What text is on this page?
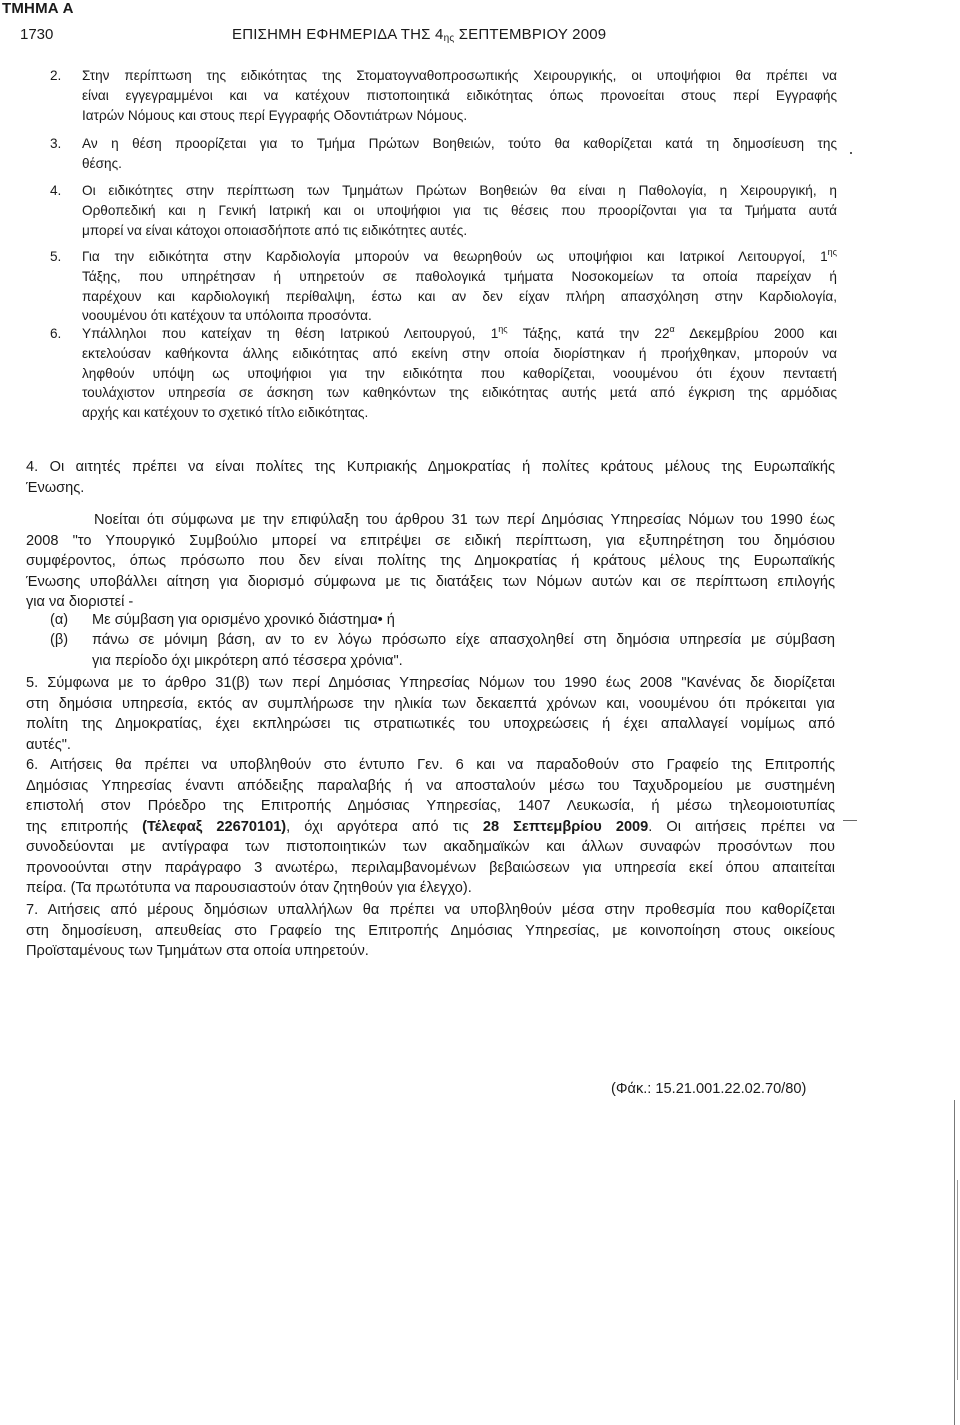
ΤΜΗΜΑ Α
1730	ΕΠΙΣΗΜΗ ΕΦΗΜΕΡΙΔΑ ΤΗΣ $4_{\eta\varsigma}$ ΣΕΠΤΕΜΒΡΙΟΥ 2009
2. Στην περίπτωση της ειδικότητας της Στοματογναθοπροσωπικής Χειρουργικής, οι υποψήφιοι θα πρέπει να
είναι εγγεγραμμένοι και να κατέχουν πιστοποιητικά ειδικότητας όπως προνοείται στους περί Εγγραφής
Ιατρών Νόμους και στους περί Εγγραφής Οδοντιάτρων Νόμους.
3. Αν η θέση προορίζεται για το Τμήμα Πρώτων Βοηθειών, τούτο θα καθορίζεται κατά τη δημοσίευση της
θέσης.
4. Οι ειδικότητες στην περίπτωση των Τμημάτων Πρώτων Βοηθειών θα είναι η Παθολογία, η Χειρουργική, η
Ορθοπεδική και η Γενική Ιατρική και οι υποψήφιοι για τις θέσεις που προορίζονται για τα Τμήματα αυτά
μπορεί να είναι κάτοχοι οποιασδήποτε από τις ειδικότητες αυτές.
5. Για την ειδικότητα στην Καρδιολογία μπορούν να θεωρηθούν ως υποψήφιοι και Ιατρικοί Λειτουργοί, $1^{\eta\varsigma}$
Τάξης, που υπηρέτησαν ή υπηρετούν σε παθολογικά τμήματα Νοσοκομείων τα οποία παρείχαν ή
παρέχουν και καρδιολογική περίθαλψη, έστω και αν δεν είχαν πλήρη απασχόληση στην Καρδιολογία,
νοουμένου ότι κατέχουν τα υπόλοιπα προσόντα.
6. Υπάλληλοι που κατείχαν τη θέση Ιατρικού Λειτουργού, $1^{\eta\varsigma}$ Τάξης, κατά την $22^\alpha$ Δεκεμβρίου 2000 και
εκτελούσαν καθήκοντα άλλης ειδικότητας από εκείνη στην οποία διορίστηκαν ή προήχθηκαν, μπορούν να
ληφθούν υπόψη ως υποψήφιοι για την ειδικότητα που καθορίζεται, νοουμένου ότι έχουν πενταετή
τουλάχιστον υπηρεσία σε άσκηση των καθηκόντων της ειδικότητας αυτής μετά από έγκριση της αρμόδιας
αρχής και κατέχουν το σχετικό τίτλο ειδικότητας.
4. Οι αιτητές πρέπει να είναι πολίτες της Κυπριακής Δημοκρατίας ή πολίτες κράτους μέλους της Ευρωπαϊκής
Ένωσης.
Νοείται ότι σύμφωνα με την επιφύλαξη του άρθρου 31 των περί Δημόσιας Υπηρεσίας Νόμων του 1990 έως
2008 "το Υπουργικό Συμβούλιο μπορεί να επιτρέψει σε ειδική περίπτωση, για εξυπηρέτηση του δημόσιου
συμφέροντος, όπως πρόσωπο που δεν είναι πολίτης της Δημοκρατίας ή κράτους μέλους της Ευρωπαϊκής
Ένωσης υποβάλλει αίτηση για διορισμό σύμφωνα με τις διατάξεις των Νόμων αυτών και σε περίπτωση επιλογής
για να διοριστεί -
(α) Με σύμβαση για ορισμένο χρονικό διάστημα• ή
(β) πάνω σε μόνιμη βάση, αν το εν λόγω πρόσωπο είχε απασχοληθεί στη δημόσια υπηρεσία με σύμβαση
για περίοδο όχι μικρότερη από τέσσερα χρόνια".
5. Σύμφωνα με το άρθρο 31(β) των περί Δημόσιας Υπηρεσίας Νόμων του 1990 έως 2008 "Κανένας δε διορίζεται
στη δημόσια υπηρεσία, εκτός αν συμπλήρωσε την ηλικία των δεκαεπτά χρόνων και, νοουμένου ότι πρόκειται για
πολίτη της Δημοκρατίας, έχει εκπληρώσει τις στρατιωτικές του υποχρεώσεις ή έχει απαλλαγεί νομίμως από
αυτές".
6. Αιτήσεις θα πρέπει να υποβληθούν στο έντυπο Γεν. 6 και να παραδοθούν στο Γραφείο της Επιτροπής
Δημόσιας Υπηρεσίας έναντι απόδειξης παραλαβής ή να αποσταλούν μέσω του Ταχυδρομείου με συστημένη
επιστολή στον Πρόεδρο της Επιτροπής Δημόσιας Υπηρεσίας, 1407 Λευκωσία, ή μέσω τηλεομοιοτυπίας
της επιτροπής (Τέλεφαξ 22670101), όχι αργότερα από τις 28 Σεπτεμβρίου 2009. Οι αιτήσεις πρέπει να
συνοδεύονται με αντίγραφα των πιστοποιητικών των ακαδημαϊκών και άλλων συναφών προσόντων που
προνοούνται στην παράγραφο 3 ανωτέρω, περιλαμβανομένων βεβαιώσεων για υπηρεσία εκεί όπου απαιτείται
πείρα. (Τα πρωτότυπα να παρουσιαστούν όταν ζητηθούν για έλεγχο).
7. Αιτήσεις από μέρους δημόσιων υπαλλήλων θα πρέπει να υποβληθούν μέσα στην προθεσμία που καθορίζεται
στη δημοσίευση, απευθείας στο Γραφείο της Επιτροπής Δημόσιας Υπηρεσίας, με κοινοποίηση στους οικείους
Προϊσταμένους των Τμημάτων στα οποία υπηρετούν.
(Φάκ.: 15.21.001.22.02.70/80)
